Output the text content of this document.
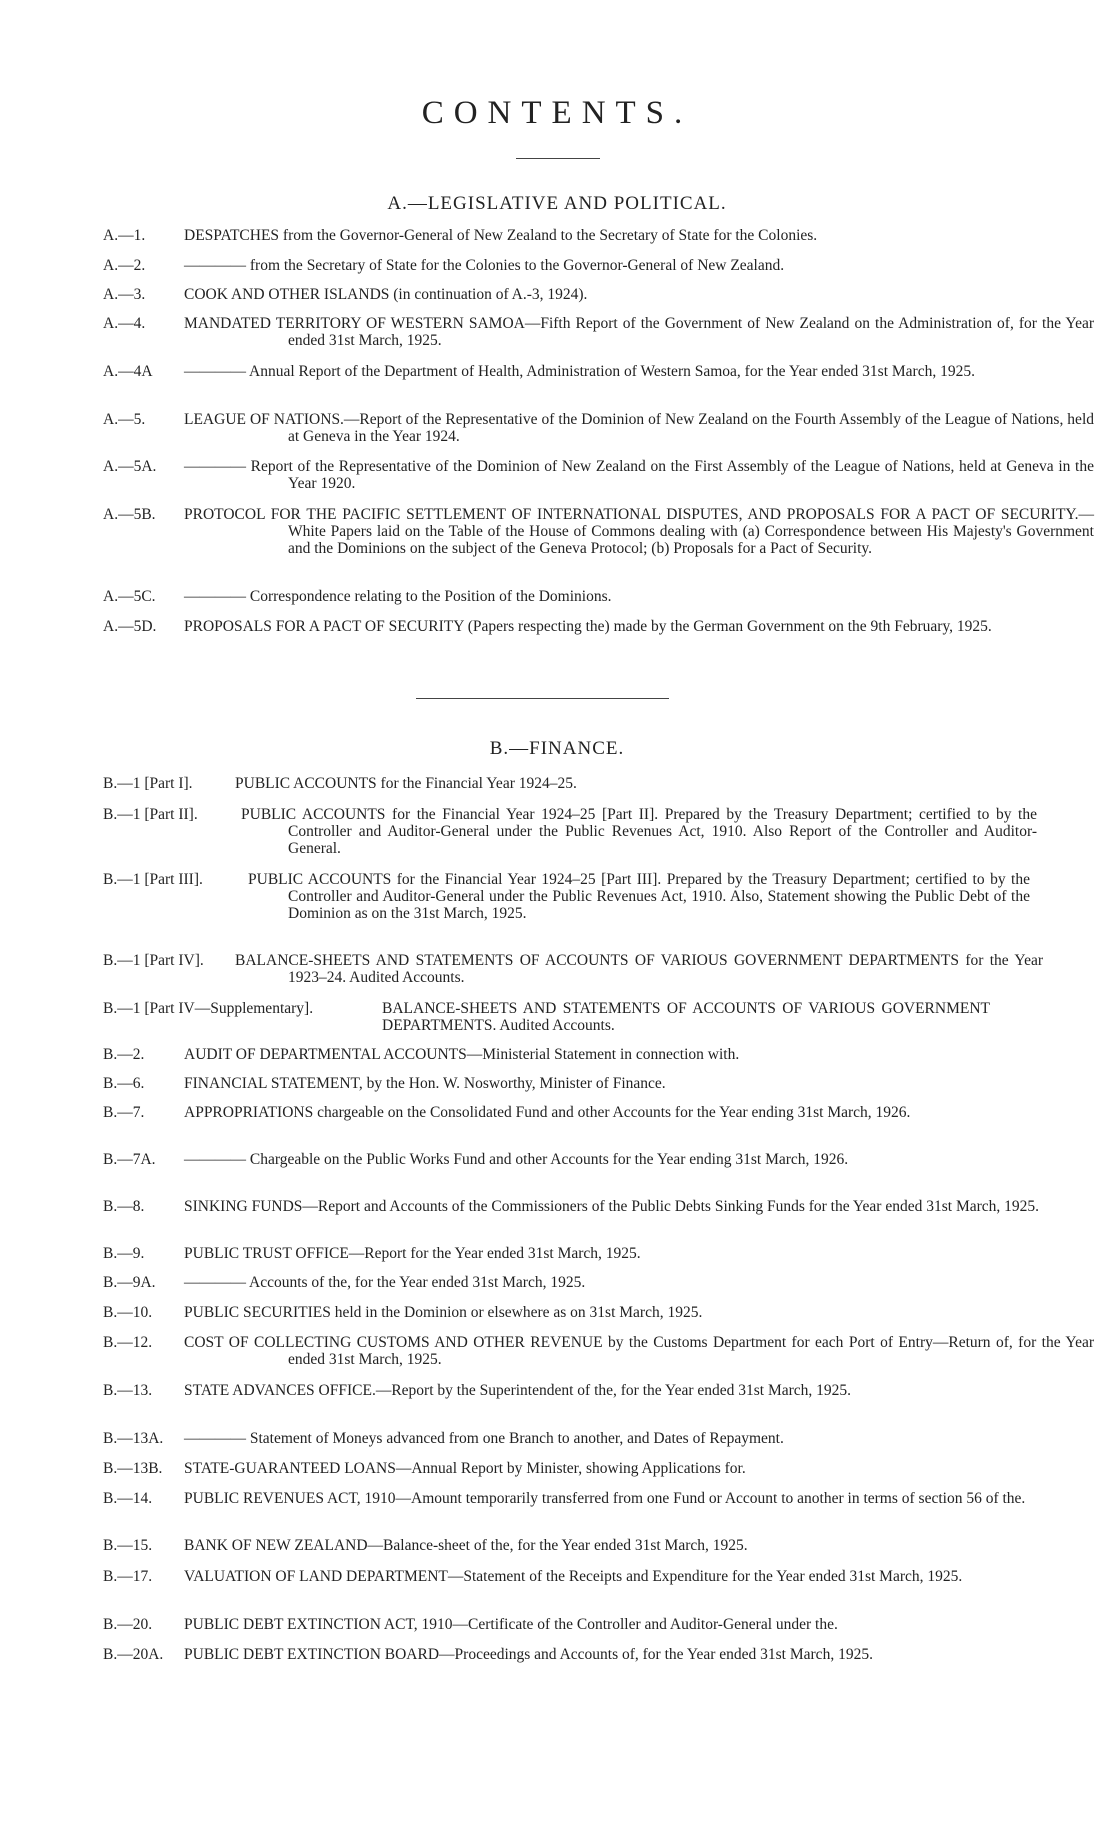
CONTENTS.
A.—LEGISLATIVE AND POLITICAL.
A.—1.	DESPATCHES from the Governor-General of New Zealand to the Secretary of State for the Colonies.
A.—2.	———— from the Secretary of State for the Colonies to the Governor-General of New Zealand.
A.—3.	COOK AND OTHER ISLANDS (in continuation of A.-3, 1924).
A.—4.	MANDATED TERRITORY OF WESTERN SAMOA—Fifth Report of the Government of New Zealand on the Administration of, for the Year ended 31st March, 1925.
A.—4A ———— Annual Report of the Department of Health, Administration of Western Samoa, for the Year ended 31st March, 1925.
A.—5.	LEAGUE OF NATIONS.—Report of the Representative of the Dominion of New Zealand on the Fourth Assembly of the League of Nations, held at Geneva in the Year 1924.
A.—5A. ———— Report of the Representative of the Dominion of New Zealand on the First Assembly of the League of Nations, held at Geneva in the Year 1920.
A.—5B. PROTOCOL FOR THE PACIFIC SETTLEMENT OF INTERNATIONAL DISPUTES, AND PROPOSALS FOR A PACT OF SECURITY.—White Papers laid on the Table of the House of Commons dealing with (a) Correspondence between His Majesty's Government and the Dominions on the subject of the Geneva Protocol; (b) Proposals for a Pact of Security.
A.—5C. ———— Correspondence relating to the Position of the Dominions.
A.—5D. PROPOSALS FOR A PACT OF SECURITY (Papers respecting the) made by the German Government on the 9th February, 1925.
B.—FINANCE.
B.—1 [Part I].	PUBLIC ACCOUNTS for the Financial Year 1924–25.
B.—1 [Part II].	PUBLIC ACCOUNTS for the Financial Year 1924–25 [Part II]. Prepared by the Treasury Department; certified to by the Controller and Auditor-General under the Public Revenues Act, 1910. Also Report of the Controller and Auditor-General.
B.—1 [Part III].	PUBLIC ACCOUNTS for the Financial Year 1924–25 [Part III]. Prepared by the Treasury Department; certified to by the Controller and Auditor-General under the Public Revenues Act, 1910. Also, Statement showing the Public Debt of the Dominion as on the 31st March, 1925.
B.—1 [Part IV]. BALANCE-SHEETS AND STATEMENTS OF ACCOUNTS OF VARIOUS GOVERNMENT DEPARTMENTS for the Year 1923–24. Audited Accounts.
B.—1 [Part IV—Supplementary].	BALANCE-SHEETS AND STATEMENTS OF ACCOUNTS OF VARIOUS GOVERNMENT DEPARTMENTS. Audited Accounts.
B.—2.	AUDIT OF DEPARTMENTAL ACCOUNTS—Ministerial Statement in connection with.
B.—6.	FINANCIAL STATEMENT, by the Hon. W. Nosworthy, Minister of Finance.
B.—7.	APPROPRIATIONS chargeable on the Consolidated Fund and other Accounts for the Year ending 31st March, 1926.
B.—7A. ———— Chargeable on the Public Works Fund and other Accounts for the Year ending 31st March, 1926.
B.—8.	SINKING FUNDS—Report and Accounts of the Commissioners of the Public Debts Sinking Funds for the Year ended 31st March, 1925.
B.—9.	PUBLIC TRUST OFFICE—Report for the Year ended 31st March, 1925.
B.—9A. ———— Accounts of the, for the Year ended 31st March, 1925.
B.—10. PUBLIC SECURITIES held in the Dominion or elsewhere as on 31st March, 1925.
B.—12. COST OF COLLECTING CUSTOMS AND OTHER REVENUE by the Customs Department for each Port of Entry—Return of, for the Year ended 31st March, 1925.
B.—13. STATE ADVANCES OFFICE.—Report by the Superintendent of the, for the Year ended 31st March, 1925.
B.—13A. ———— Statement of Moneys advanced from one Branch to another, and Dates of Repayment.
B.—13B. STATE-GUARANTEED LOANS—Annual Report by Minister, showing Applications for.
B.—14. PUBLIC REVENUES ACT, 1910—Amount temporarily transferred from one Fund or Account to another in terms of section 56 of the.
B.—15. BANK OF NEW ZEALAND—Balance-sheet of the, for the Year ended 31st March, 1925.
B.—17. VALUATION OF LAND DEPARTMENT—Statement of the Receipts and Expenditure for the Year ended 31st March, 1925.
B.—20. PUBLIC DEBT EXTINCTION ACT, 1910—Certificate of the Controller and Auditor-General under the.
B.—20A. PUBLIC DEBT EXTINCTION BOARD—Proceedings and Accounts of, for the Year ended 31st March, 1925.
